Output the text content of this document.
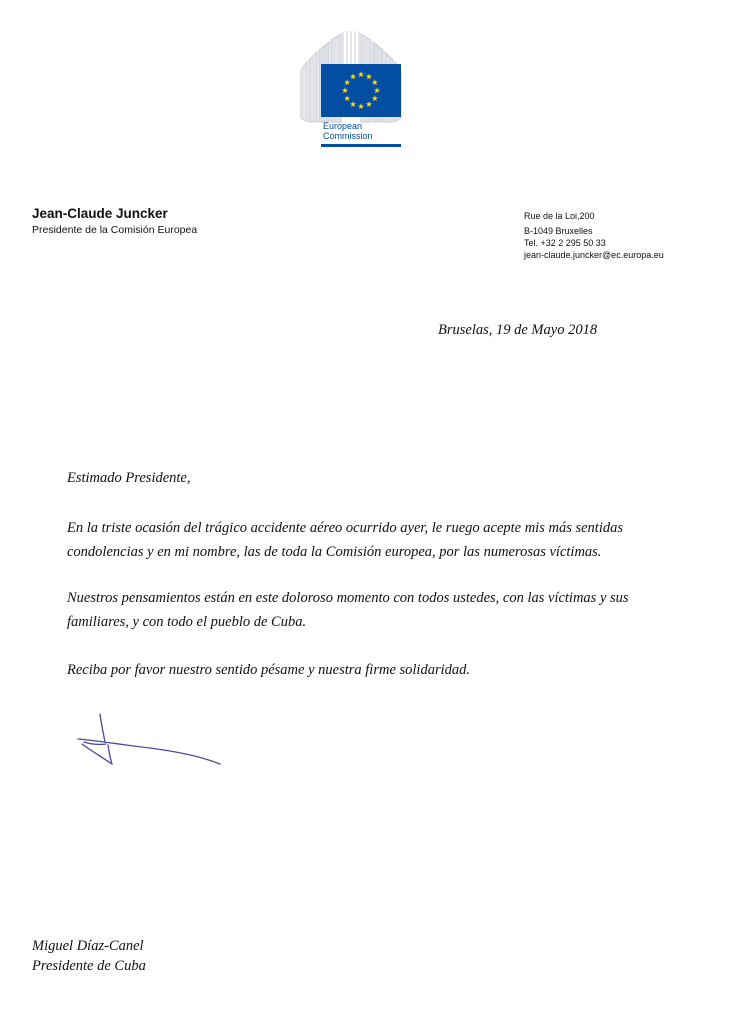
European
Commission
Jean-Claude Juncker
Presidente de la Comisión Europea
Rue de la Loi,200
B-1049 Bruxelles
Tel. +32 2 295 50 33
jean-claude.juncker@ec.europa.eu
Bruselas, 19 de Mayo 2018
Estimado Presidente,
En la triste ocasión del trágico accidente aéreo ocurrido ayer, le ruego acepte mis más sentidas condolencias y en mi nombre, las de toda la Comisión europea, por las numerosas víctimas.
Nuestros pensamientos están en este doloroso momento con todos ustedes, con las víctimas y sus familiares, y con todo el pueblo de Cuba.
Reciba por favor nuestro sentido pésame y nuestra firme solidaridad.
Miguel Díaz-Canel
Presidente de Cuba
